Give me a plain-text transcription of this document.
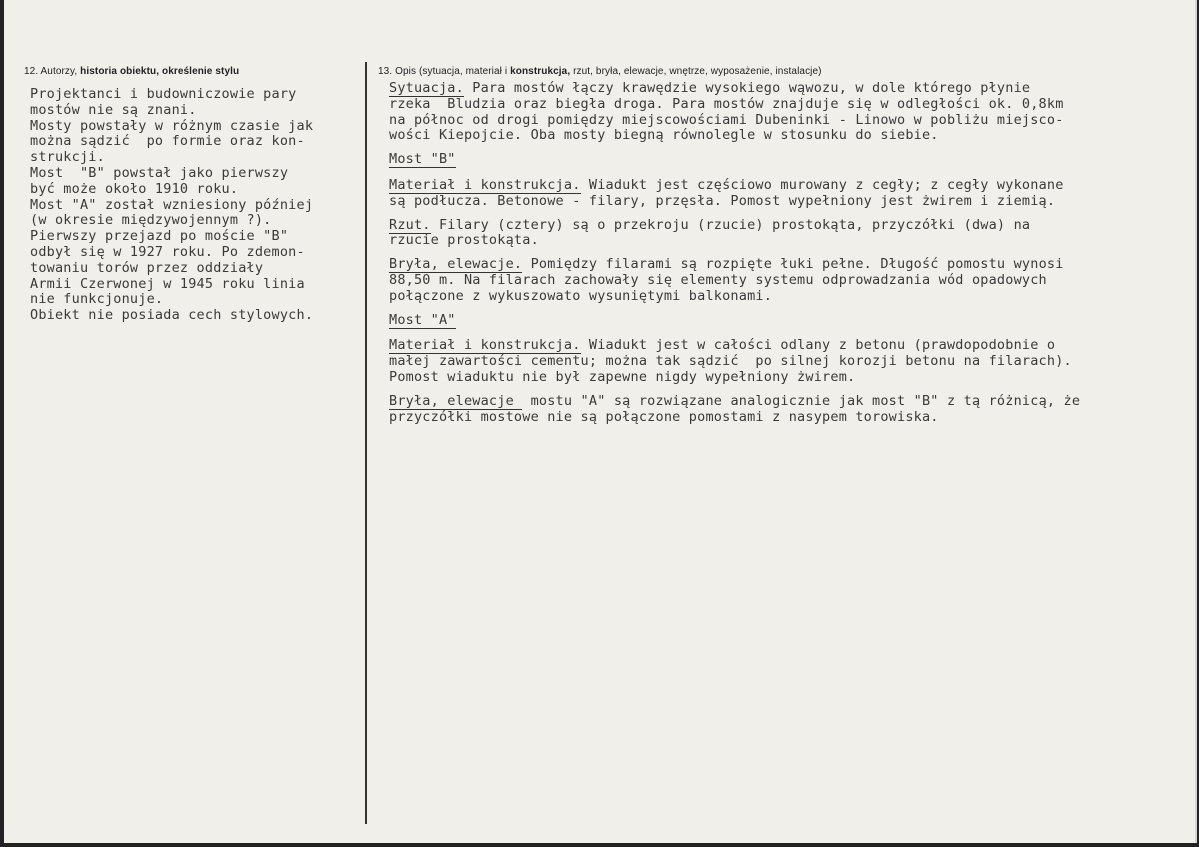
12. Autorzy, historia obiektu, określenie stylu	13. Opis (sytuacja, materiał i konstrukcja, rzut, bryła, elewacje, wnętrze, wyposażenie, instalacje)
Projektanci i budowniczowie pary
mostów nie są znani.
Mosty powstały w różnym czasie jak
można sądzić  po formie oraz kon-
strukcji.
Most  "B" powstał jako pierwszy
być może około 1910 roku.
Most "A" został wzniesiony później
(w okresie międzywojennym ?).
Pierwszy przejazd po moście "B"
odbył się w 1927 roku. Po zdemon-
towaniu torów przez oddziały
Armii Czerwonej w 1945 roku linia
nie funkcjonuje.
Obiekt nie posiada cech stylowych.
Sytuacja. Para mostów łączy krawędzie wysokiego wąwozu, w dole którego płynie
rzeka  Bludzia oraz biegła droga. Para mostów znajduje się w odległości ok. 0,8km
na północ od drogi pomiędzy miejscowościami Dubeninki - Linowo w pobliżu miejsco-
wości Kiepojcie. Oba mosty biegną równolegle w stosunku do siebie.
Most "B"
Materiał i konstrukcja. Wiadukt jest częściowo murowany z cegły; z cegły wykonane
są podłucza. Betonowe - filary, przęsła. Pomost wypełniony jest żwirem i ziemią.
Rzut. Filary (cztery) są o przekroju (rzucie) prostokąta, przyczółki (dwa) na
rzucie prostokąta.
Bryła, elewacje. Pomiędzy filarami są rozpięte łuki pełne. Długość pomostu wynosi
88,50 m. Na filarach zachowały się elementy systemu odprowadzania wód opadowych
połączone z wykuszowato wysuniętymi balkonami.
Most "A"
Materiał i konstrukcja. Wiadukt jest w całości odlany z betonu (prawdopodobnie o
małej zawartości cementu; można tak sądzić  po silnej korozji betonu na filarach).
Pomost wiaduktu nie był zapewne nigdy wypełniony żwirem.
Bryła, elewacje  mostu "A" są rozwiązane analogicznie jak most "B" z tą różnicą, że
przyczółki mostowe nie są połączone pomostami z nasypem torowiska.
